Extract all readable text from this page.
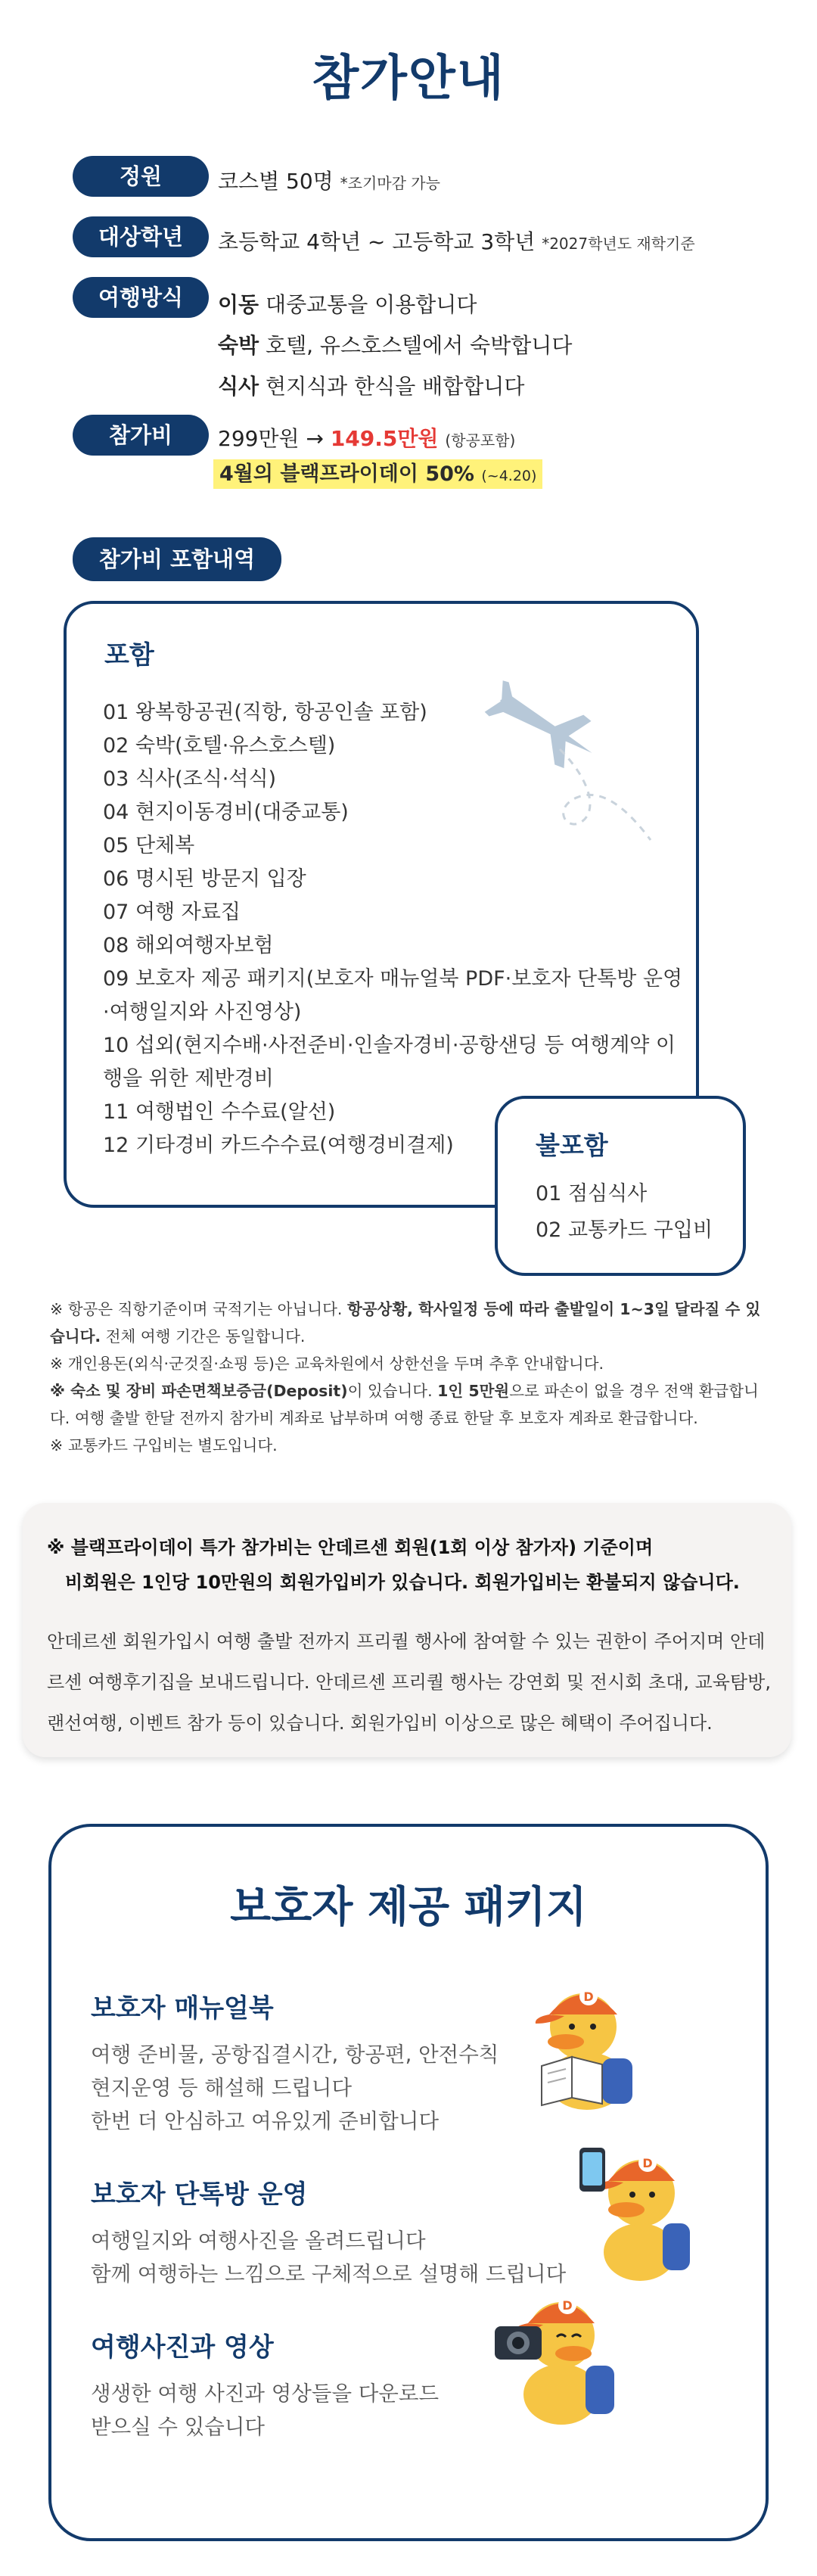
참가안내
정원	코스별 50명 *조기마감 가능
대상학년	초등학교 4학년 ~ 고등학교 3학년 *2027학년도 재학기준
여행방식	이동 대중교통을 이용합니다
숙박 호텔, 유스호스텔에서 숙박합니다
식사 현지식과 한식을 배합합니다
참가비	299만원 → 149.5만원 (항공포함)
4월의 블랙프라이데이 50% (~4.20)
참가비 포함내역
포함
01 왕복항공권(직항, 항공인솔 포함)
02 숙박(호텔·유스호스텔)
03 식사(조식·석식)
04 현지이동경비(대중교통)
05 단체복
06 명시된 방문지 입장
07 여행 자료집
08 해외여행자보험
09 보호자 제공 패키지(보호자 매뉴얼북 PDF·보호자 단톡방 운영
·여행일지와 사진영상)
10 섭외(현지수배·사전준비·인솔자경비·공항샌딩 등 여행계약 이
행을 위한 제반경비
11 여행법인 수수료(알선)
12 기타경비 카드수수료(여행경비결제)	불포함
01 점심식사
02 교통카드 구입비
※ 항공은 직항기준이며 국적기는 아닙니다. 항공상황, 학사일정 등에 따라 출발일이 1~3일 달라질 수 있
습니다. 전체 여행 기간은 동일합니다.
※ 개인용돈(외식·군것질·쇼핑 등)은 교육차원에서 상한선을 두며 추후 안내합니다.
※ 숙소 및 장비 파손면책보증금(Deposit)이 있습니다. 1인 5만원으로 파손이 없을 경우 전액 환급합니
다. 여행 출발 한달 전까지 참가비 계좌로 납부하며 여행 종료 한달 후 보호자 계좌로 환급합니다.
※ 교통카드 구입비는 별도입니다.
※ 블랙프라이데이 특가 참가비는 안데르센 회원(1회 이상 참가자) 기준이며
비회원은 1인당 10만원의 회원가입비가 있습니다. 회원가입비는 환불되지 않습니다.
안데르센 회원가입시 여행 출발 전까지 프리퀄 행사에 참여할 수 있는 권한이 주어지며 안데
르센 여행후기집을 보내드립니다. 안데르센 프리퀄 행사는 강연회 및 전시회 초대, 교육탐방,
랜선여행, 이벤트 참가 등이 있습니다. 회원가입비 이상으로 많은 혜택이 주어집니다.
보호자 제공 패키지
보호자 매뉴얼북
여행 준비물, 공항집결시간, 항공편, 안전수칙
현지운영 등 해설해 드립니다
한번 더 안심하고 여유있게 준비합니다
보호자 단톡방 운영
여행일지와 여행사진을 올려드립니다
함께 여행하는 느낌으로 구체적으로 설명해 드립니다
여행사진과 영상
생생한 여행 사진과 영상들을 다운로드
받으실 수 있습니다
D
D
D
